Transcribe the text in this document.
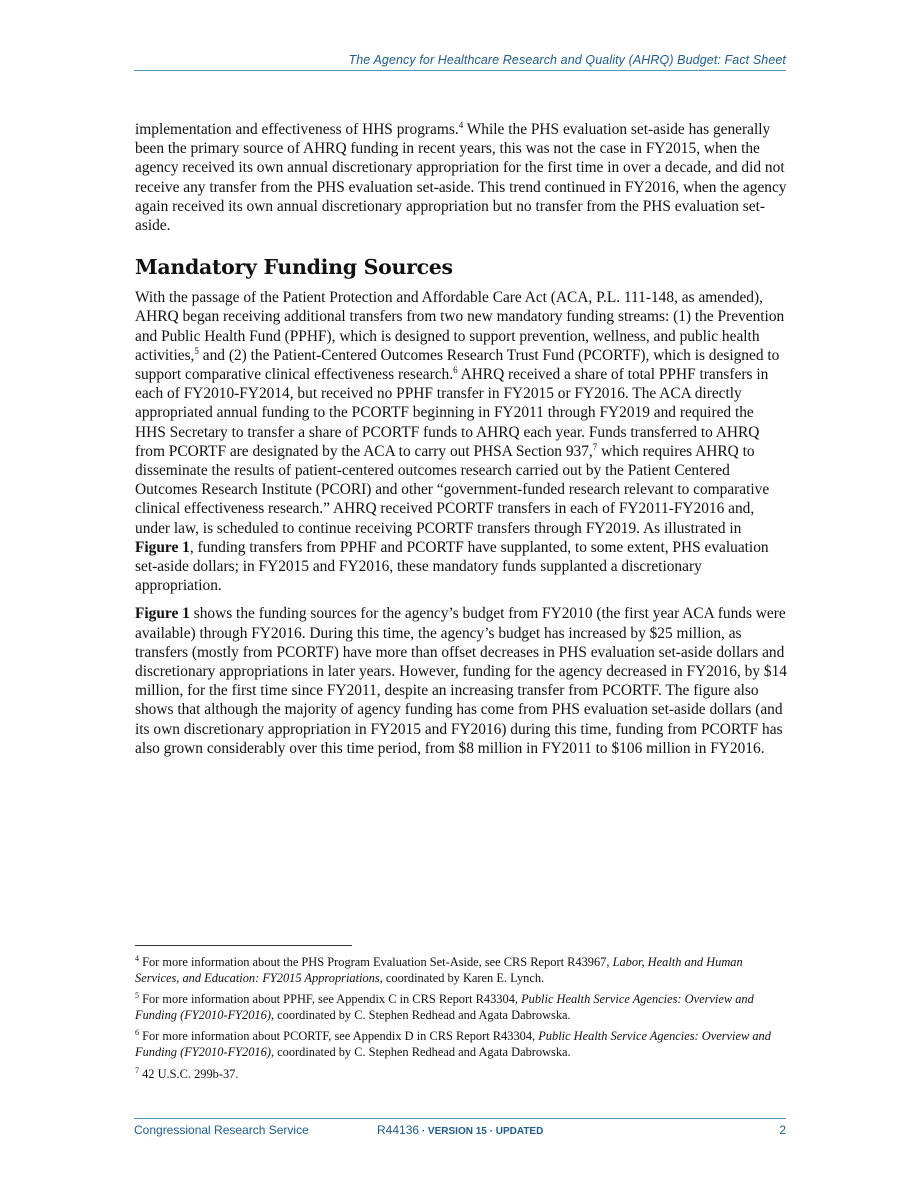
The Agency for Healthcare Research and Quality (AHRQ) Budget: Fact Sheet

implementation and effectiveness of HHS programs.$^4$ While the PHS evaluation set-aside has generally been the primary source of AHRQ funding in recent years, this was not the case in FY2015, when the agency received its own annual discretionary appropriation for the first time in over a decade, and did not receive any transfer from the PHS evaluation set-aside. This trend continued in FY2016, when the agency again received its own annual discretionary appropriation but no transfer from the PHS evaluation set-aside.

Mandatory Funding Sources

With the passage of the Patient Protection and Affordable Care Act (ACA, P.L. 111-148, as amended), AHRQ began receiving additional transfers from two new mandatory funding streams: (1) the Prevention and Public Health Fund (PPHF), which is designed to support prevention, wellness, and public health activities,$^5$ and (2) the Patient-Centered Outcomes Research Trust Fund (PCORTF), which is designed to support comparative clinical effectiveness research.$^6$ AHRQ received a share of total PPHF transfers in each of FY2010-FY2014, but received no PPHF transfer in FY2015 or FY2016. The ACA directly appropriated annual funding to the PCORTF beginning in FY2011 through FY2019 and required the HHS Secretary to transfer a share of PCORTF funds to AHRQ each year. Funds transferred to AHRQ from PCORTF are designated by the ACA to carry out PHSA Section 937,$^7$ which requires AHRQ to disseminate the results of patient-centered outcomes research carried out by the Patient Centered Outcomes Research Institute (PCORI) and other “government-funded research relevant to comparative clinical effectiveness research.” AHRQ received PCORTF transfers in each of FY2011-FY2016 and, under law, is scheduled to continue receiving PCORTF transfers through FY2019. As illustrated in Figure 1, funding transfers from PPHF and PCORTF have supplanted, to some extent, PHS evaluation set-aside dollars; in FY2015 and FY2016, these mandatory funds supplanted a discretionary appropriation.

Figure 1 shows the funding sources for the agency’s budget from FY2010 (the first year ACA funds were available) through FY2016. During this time, the agency’s budget has increased by $25 million, as transfers (mostly from PCORTF) have more than offset decreases in PHS evaluation set-aside dollars and discretionary appropriations in later years. However, funding for the agency decreased in FY2016, by $14 million, for the first time since FY2011, despite an increasing transfer from PCORTF. The figure also shows that although the majority of agency funding has come from PHS evaluation set-aside dollars (and its own discretionary appropriation in FY2015 and FY2016) during this time, funding from PCORTF has also grown considerably over this time period, from $8 million in FY2011 to $106 million in FY2016.

$^4$ For more information about the PHS Program Evaluation Set-Aside, see CRS Report R43967, Labor, Health and Human Services, and Education: FY2015 Appropriations, coordinated by Karen E. Lynch.
$^5$ For more information about PPHF, see Appendix C in CRS Report R43304, Public Health Service Agencies: Overview and Funding (FY2010-FY2016), coordinated by C. Stephen Redhead and Agata Dabrowska.
$^6$ For more information about PCORTF, see Appendix D in CRS Report R43304, Public Health Service Agencies: Overview and Funding (FY2010-FY2016), coordinated by C. Stephen Redhead and Agata Dabrowska.
$^7$ 42 U.S.C. 299b-37.
Congressional Research Service	R44136 · VERSION 15 · UPDATED	2
